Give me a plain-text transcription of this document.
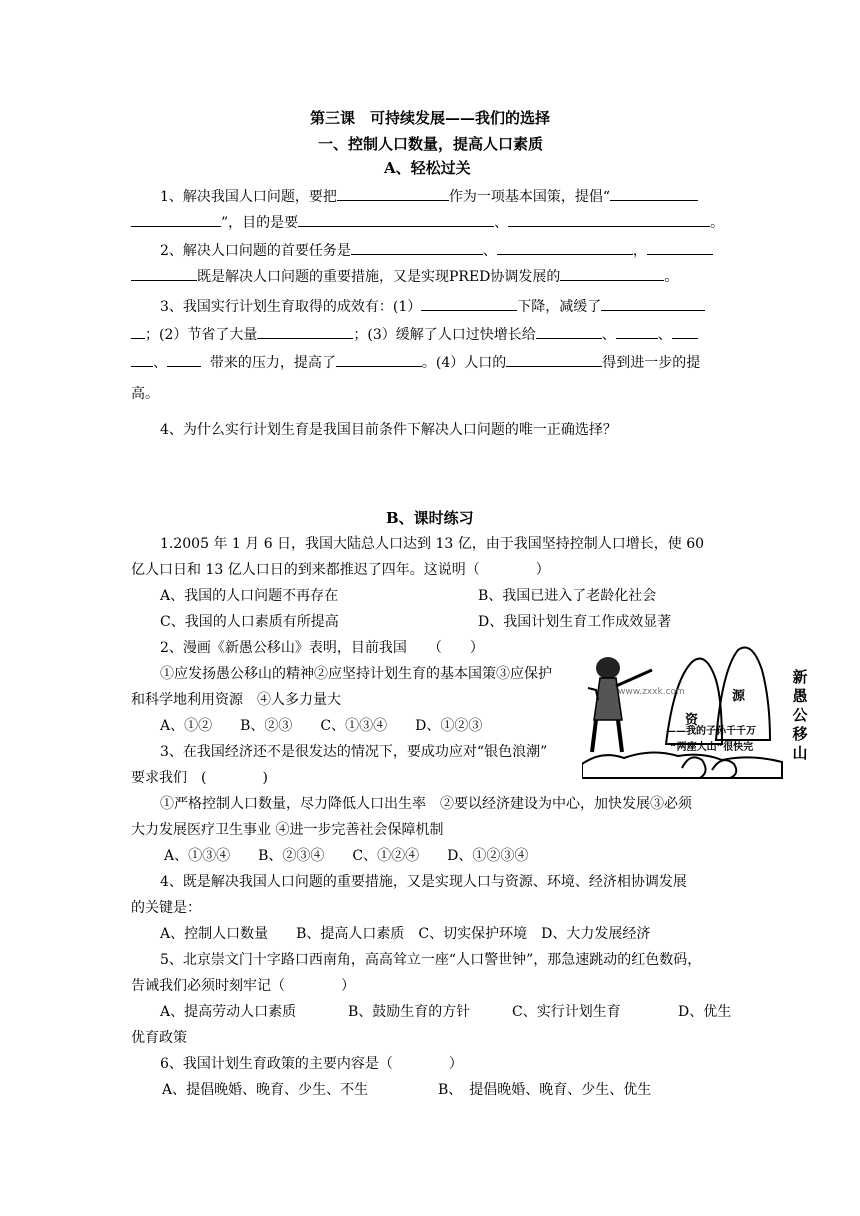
第三课　可持续发展——我们的选择
一、控制人口数量，提高人口素质
A、轻松过关
1、解决我国人口问题，要把	作为一项基本国策，提倡“
”，目的是要	、	。
2、解决人口问题的首要任务是	、	，
既是解决人口问题的重要措施，又是实现PRED协调发展的	。
3、我国实行计划生育取得的成效有：(1）	下降，减缓了
；(2）节省了大量	；(3）缓解了人口过快增长给	、	、
、	带来的压力，提高了	。(4）人口的	得到进一步的提
高。
4、为什么实行计划生育是我国目前条件下解决人口问题的唯一正确选择？
B、课时练习
1.2005 年 1 月 6 日，我国大陆总人口达到 13 亿，由于我国坚持控制人口增长，使 60
亿人口日和 13 亿人口日的到来都推迟了四年。这说明（　　　　）
A、我国的人口问题不再存在	B、我国已进入了老龄化社会
C、我国的人口素质有所提高	D、我国计划生育工作成效显著
2、漫画《新愚公移山》表明，目前我国　　（　　）
①应发扬愚公移山的精神②应坚持计划生育的基本国策③应保护
和科学地利用资源　④人多力量大
A、①②　　B、②③　　C、①③④　　D、①②③
3、在我国经济还不是很发达的情况下，要成功应对“银色浪潮”
要求我们　(　　　　)
①严格控制人口数量，尽力降低人口出生率　②要以经济建设为中心，加快发展③必须
大力发展医疗卫生事业 ④进一步完善社会保障机制
A、①③④　　B、②③④　　C、①②④　　D、①②③④
4、既是解决我国人口问题的重要措施，又是实现人口与资源、环境、经济相协调发展
的关键是：
A、控制人口数量　　B、提高人口素质　C、切实保护环境　D、大力发展经济
5、北京崇文门十字路口西南角，高高耸立一座“人口警世钟”，那急速跳动的红色数码，
告诫我们必须时刻牢记（　　　　）
A、提高劳动人口素质	B、鼓励生育的方针	C、实行计划生育	D、优生
优育政策
6、我国计划生育政策的主要内容是（　　　　）
A、提倡晚婚、晚育、少生、不生	B、　提倡晚婚、晚育、少生、优生
资
源
www.zxxk.com
——我的子孙千千万
“两座大山”很快完
新
愚
公
移
山
